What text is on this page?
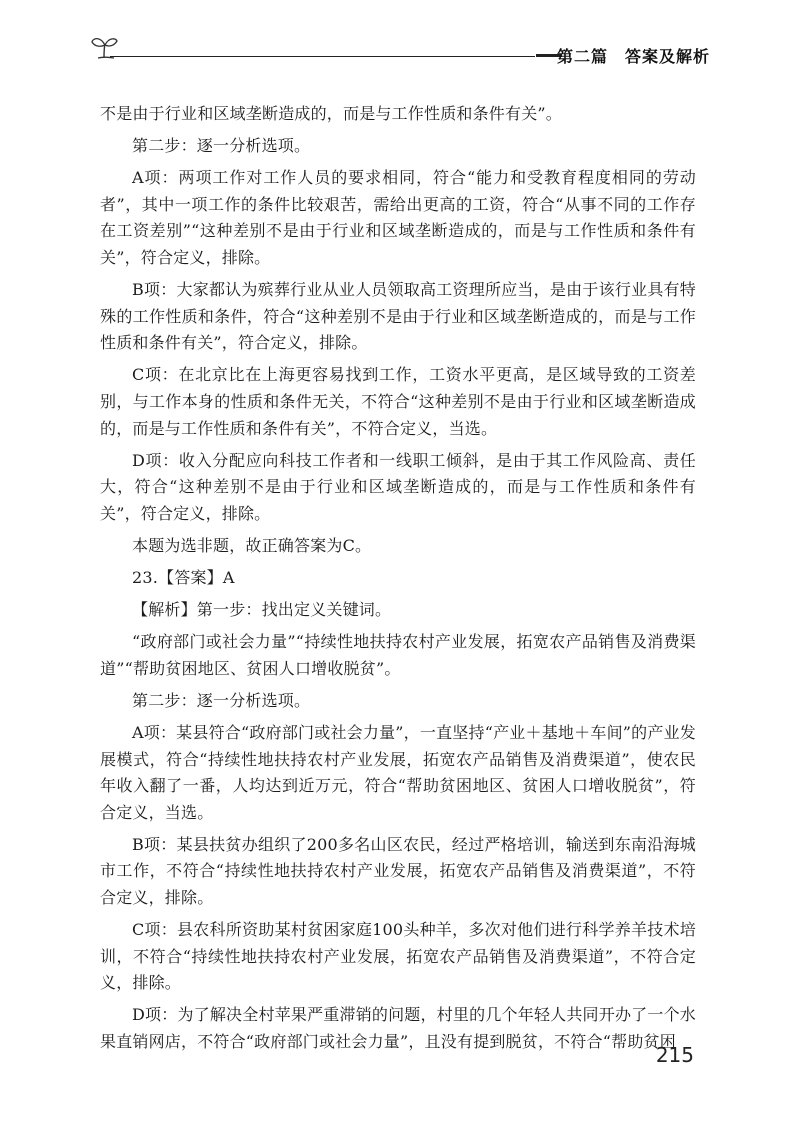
第二篇　答案及解析

不是由于行业和区域垄断造成的，而是与工作性质和条件有关”。

第二步：逐一分析选项。

A项：两项工作对工作人员的要求相同，符合“能力和受教育程度相同的劳动者”，其中一项工作的条件比较艰苦，需给出更高的工资，符合“从事不同的工作存在工资差别”“这种差别不是由于行业和区域垄断造成的，而是与工作性质和条件有关”，符合定义，排除。

B项：大家都认为殡葬行业从业人员领取高工资理所应当，是由于该行业具有特殊的工作性质和条件，符合“这种差别不是由于行业和区域垄断造成的，而是与工作性质和条件有关”，符合定义，排除。

C项：在北京比在上海更容易找到工作，工资水平更高，是区域导致的工资差别，与工作本身的性质和条件无关，不符合“这种差别不是由于行业和区域垄断造成的，而是与工作性质和条件有关”，不符合定义，当选。

D项：收入分配应向科技工作者和一线职工倾斜，是由于其工作风险高、责任大，符合“这种差别不是由于行业和区域垄断造成的，而是与工作性质和条件有关”，符合定义，排除。

本题为选非题，故正确答案为C。

23.【答案】A

【解析】第一步：找出定义关键词。

“政府部门或社会力量”“持续性地扶持农村产业发展，拓宽农产品销售及消费渠道”“帮助贫困地区、贫困人口增收脱贫”。

第二步：逐一分析选项。

A项：某县符合“政府部门或社会力量”，一直坚持“产业＋基地＋车间”的产业发展模式，符合“持续性地扶持农村产业发展，拓宽农产品销售及消费渠道”，使农民年收入翻了一番，人均达到近万元，符合“帮助贫困地区、贫困人口增收脱贫”，符合定义，当选。

B项：某县扶贫办组织了200多名山区农民，经过严格培训，输送到东南沿海城市工作，不符合“持续性地扶持农村产业发展，拓宽农产品销售及消费渠道”，不符合定义，排除。

C项：县农科所资助某村贫困家庭100头种羊，多次对他们进行科学养羊技术培训，不符合“持续性地扶持农村产业发展，拓宽农产品销售及消费渠道”，不符合定义，排除。

D项：为了解决全村苹果严重滞销的问题，村里的几个年轻人共同开办了一个水果直销网店，不符合“政府部门或社会力量”，且没有提到脱贫，不符合“帮助贫困

215
